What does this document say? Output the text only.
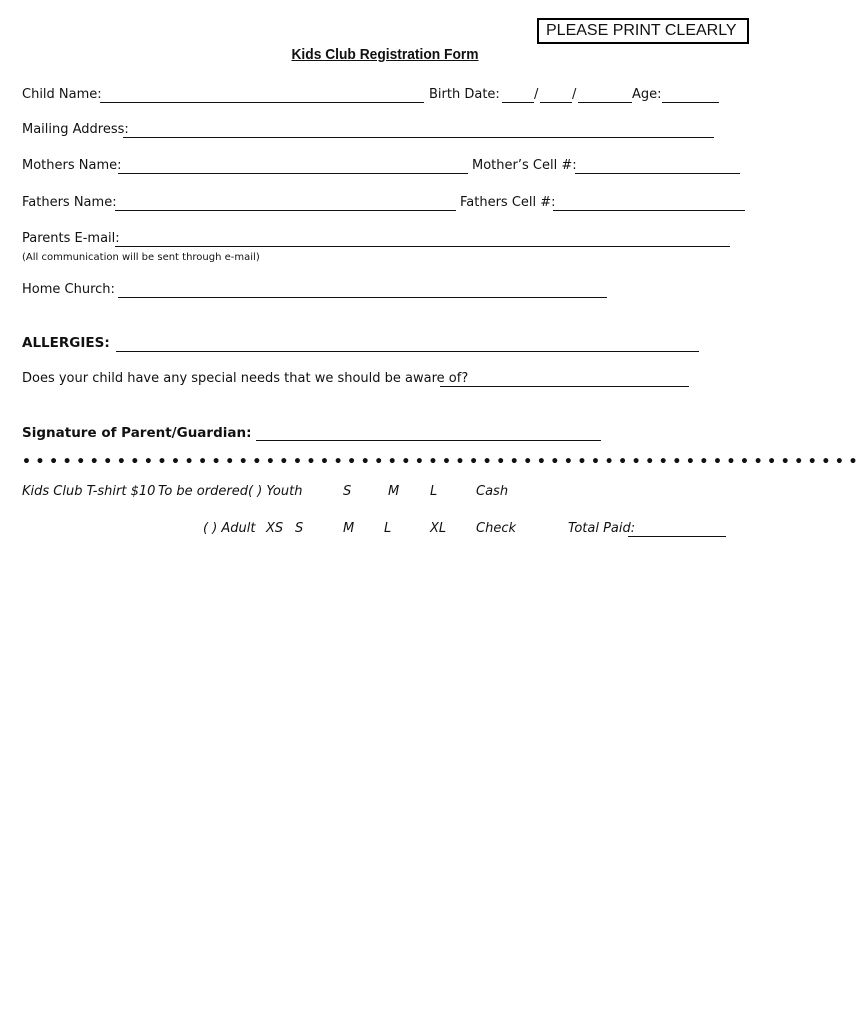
PLEASE PRINT CLEARLY
Kids Club Registration Form
Child Name:	Birth Date:	/	/	Age:
Mailing Address:
Mothers Name:	Mother’s Cell #:
Fathers Name:	Fathers Cell #:
Parents E-mail:
(All communication will be sent through e-mail)
Home Church:
ALLERGIES:
Does your child have any special needs that we should be aware of?
Signature of Parent/Guardian:
••••••••••••••••••••••••••••••••••••••••••••••••••••••••••••••
Kids Club T-shirt $10 To be ordered ( ) Youth	S	M L	Cash
( ) Adult XS S	M L	XL Check	Total Paid:
